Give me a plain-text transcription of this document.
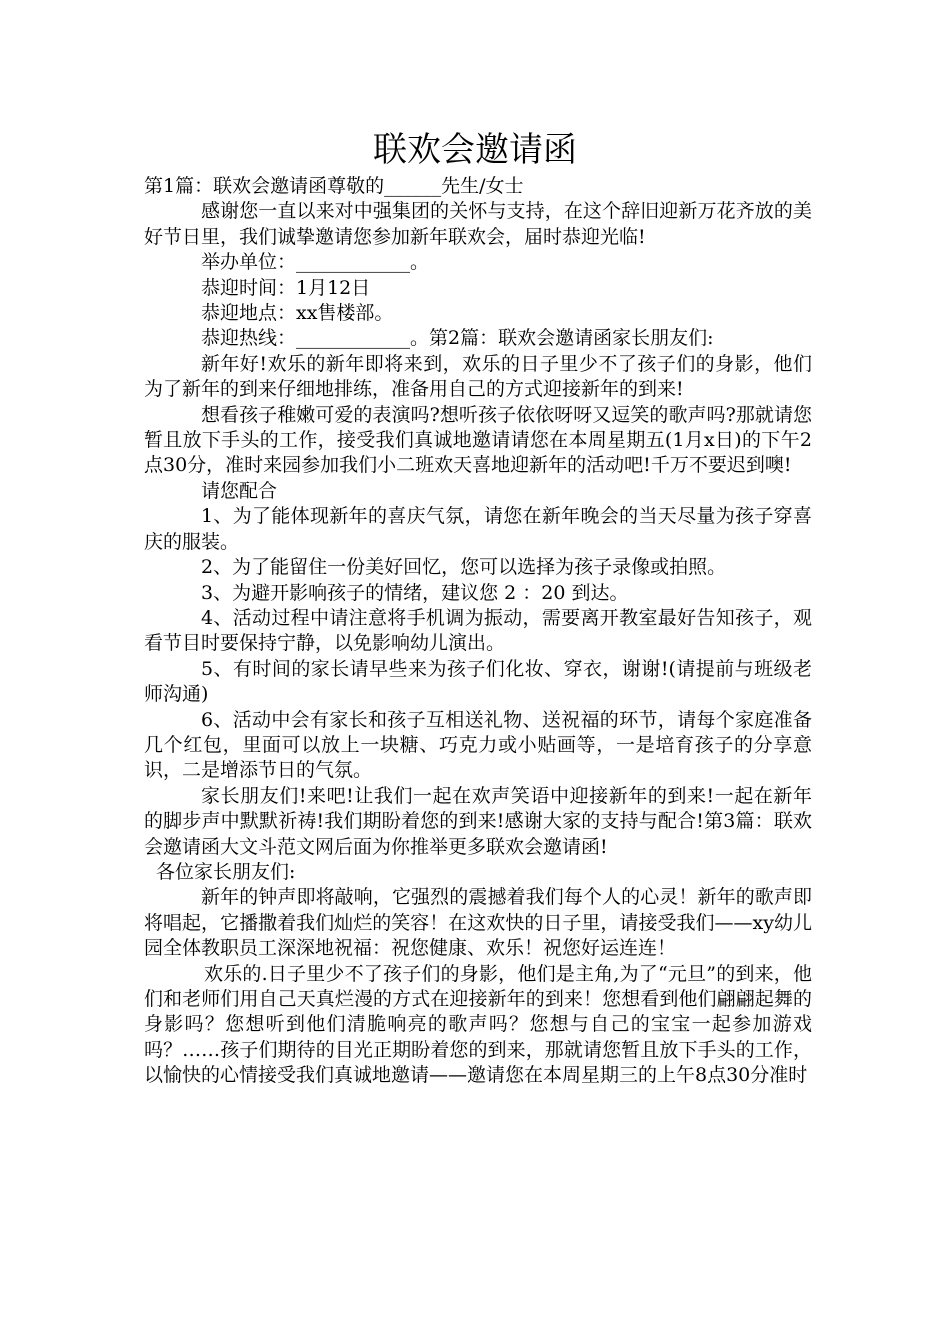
联欢会邀请函

第1篇：联欢会邀请函尊敬的______先生/女士

感谢您一直以来对中强集团的关怀与支持，在这个辞旧迎新万花齐放的美好节日里，我们诚挚邀请您参加新年联欢会，届时恭迎光临!

举办单位：____________。

恭迎时间：1月12日

恭迎地点：xx售楼部。

恭迎热线：____________。第2篇：联欢会邀请函家长朋友们:

新年好!欢乐的新年即将来到，欢乐的日子里少不了孩子们的身影，他们为了新年的到来仔细地排练，准备用自己的方式迎接新年的到来!

想看孩子稚嫩可爱的表演吗?想听孩子依依呀呀又逗笑的歌声吗?那就请您暂且放下手头的工作，接受我们真诚地邀请请您在本周星期五(1月x日)的下午2点30分，准时来园参加我们小二班欢天喜地迎新年的活动吧!千万不要迟到噢!

请您配合

1、为了能体现新年的喜庆气氛，请您在新年晚会的当天尽量为孩子穿喜庆的服装。

2、为了能留住一份美好回忆，您可以选择为孩子录像或拍照。

3、为避开影响孩子的情绪，建议您 2 ：20 到达。

4、活动过程中请注意将手机调为振动，需要离开教室最好告知孩子，观看节目时要保持宁静，以免影响幼儿演出。

5、有时间的家长请早些来为孩子们化妆、穿衣，谢谢!(请提前与班级老师沟通)

6、活动中会有家长和孩子互相送礼物、送祝福的环节，请每个家庭准备几个红包，里面可以放上一块糖、巧克力或小贴画等，一是培育孩子的分享意识，二是增添节日的气氛。

家长朋友们!来吧!让我们一起在欢声笑语中迎接新年的到来!一起在新年的脚步声中默默祈祷!我们期盼着您的到来!感谢大家的支持与配合!第3篇：联欢会邀请函大文斗范文网后面为你推举更多联欢会邀请函!

各位家长朋友们:

新年的钟声即将敲响，它强烈的震撼着我们每个人的心灵！新年的歌声即将唱起，它播撒着我们灿烂的笑容！在这欢快的日子里，请接受我们——xy幼儿园全体教职员工深深地祝福：祝您健康、欢乐！祝您好运连连！

欢乐的.日子里少不了孩子们的身影，他们是主角,为了“元旦”的到来，他们和老师们用自己天真烂漫的方式在迎接新年的到来！您想看到他们翩翩起舞的身影吗？您想听到他们清脆响亮的歌声吗？您想与自己的宝宝一起参加游戏吗？……孩子们期待的目光正期盼着您的到来，那就请您暂且放下手头的工作，以愉快的心情接受我们真诚地邀请——邀请您在本周星期三的上午8点30分准时
